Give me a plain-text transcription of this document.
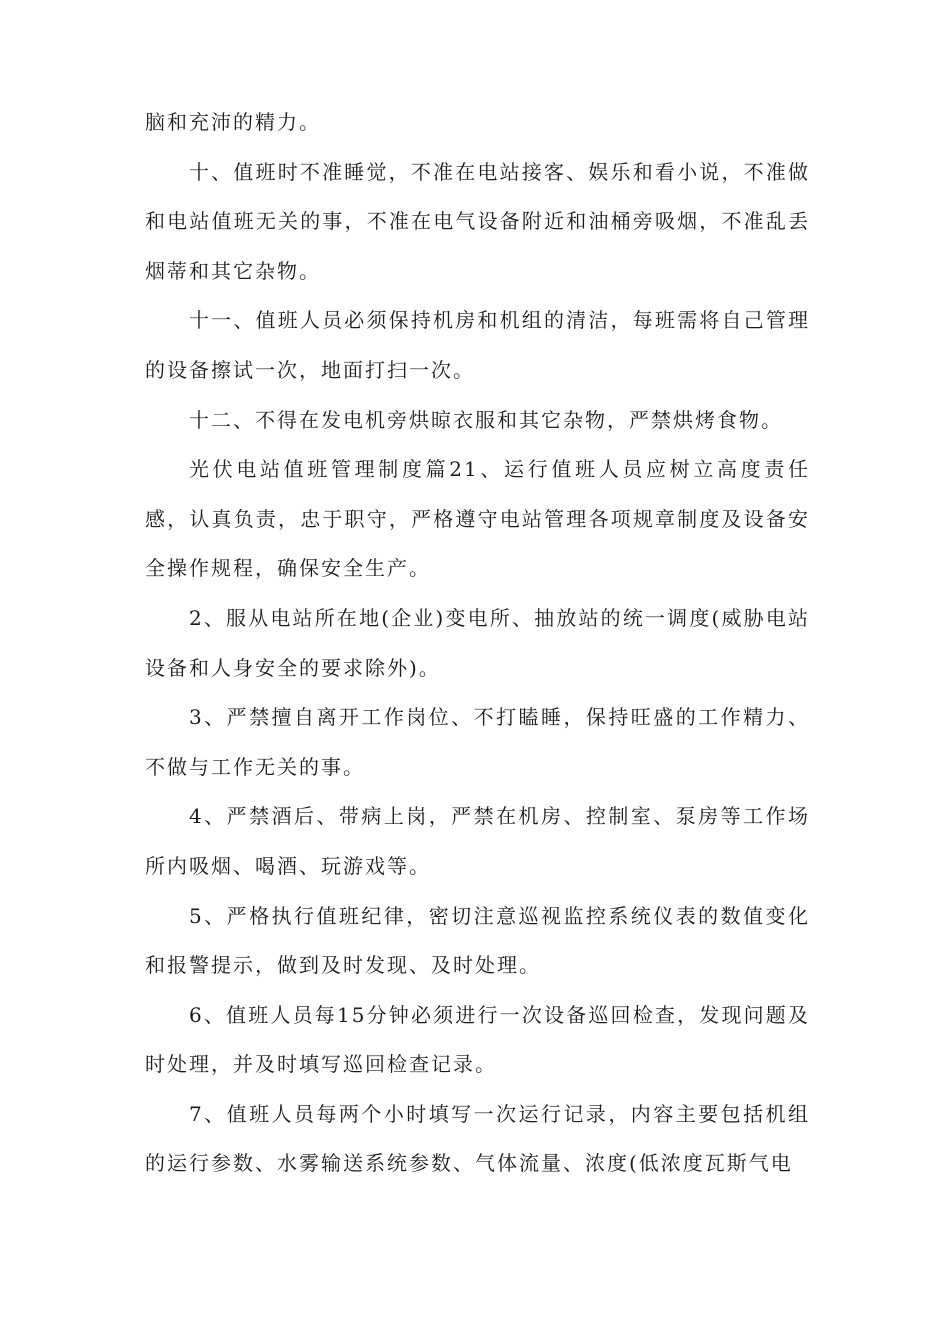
脑和充沛的精力。

十、值班时不准睡觉，不准在电站接客、娱乐和看小说，不准做和电站值班无关的事，不准在电气设备附近和油桶旁吸烟，不准乱丢烟蒂和其它杂物。

十一、值班人员必须保持机房和机组的清洁，每班需将自己管理的设备擦试一次，地面打扫一次。

十二、不得在发电机旁烘晾衣服和其它杂物，严禁烘烤食物。

光伏电站值班管理制度篇21、运行值班人员应树立高度责任感，认真负责，忠于职守，严格遵守电站管理各项规章制度及设备安全操作规程，确保安全生产。

2、服从电站所在地(企业)变电所、抽放站的统一调度(威胁电站设备和人身安全的要求除外)。

3、严禁擅自离开工作岗位、不打瞌睡，保持旺盛的工作精力、不做与工作无关的事。

4、严禁酒后、带病上岗，严禁在机房、控制室、泵房等工作场所内吸烟、喝酒、玩游戏等。

5、严格执行值班纪律，密切注意巡视监控系统仪表的数值变化和报警提示，做到及时发现、及时处理。

6、值班人员每15分钟必须进行一次设备巡回检查，发现问题及时处理，并及时填写巡回检查记录。

7、值班人员每两个小时填写一次运行记录，内容主要包括机组的运行参数、水雾输送系统参数、气体流量、浓度(低浓度瓦斯气电
